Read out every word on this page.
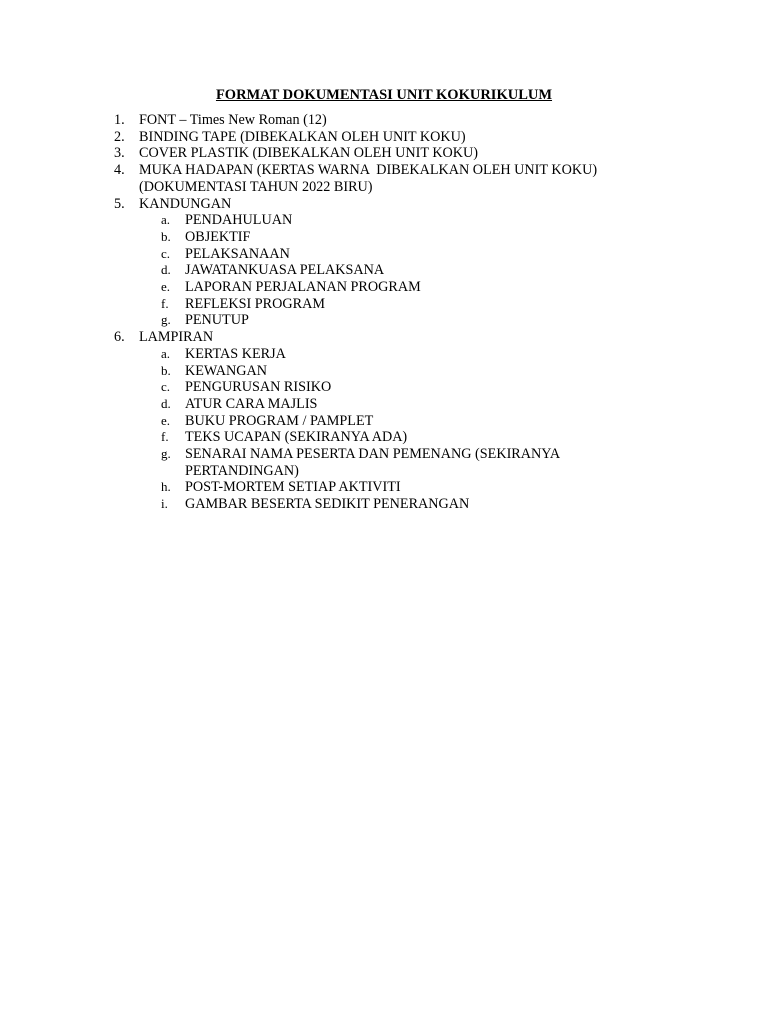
FORMAT DOKUMENTASI UNIT KOKURIKULUM
1. FONT – Times New Roman (12)
2. BINDING TAPE (DIBEKALKAN OLEH UNIT KOKU)
3. COVER PLASTIK (DIBEKALKAN OLEH UNIT KOKU)
4. MUKA HADAPAN (KERTAS WARNA  DIBEKALKAN OLEH UNIT KOKU)
(DOKUMENTASI TAHUN 2022 BIRU)
5. KANDUNGAN
a. PENDAHULUAN
b. OBJEKTIF
c. PELAKSANAAN
d. JAWATANKUASA PELAKSANA
e. LAPORAN PERJALANAN PROGRAM
f. REFLEKSI PROGRAM
g. PENUTUP
6. LAMPIRAN
a. KERTAS KERJA
b. KEWANGAN
c. PENGURUSAN RISIKO
d. ATUR CARA MAJLIS
e. BUKU PROGRAM / PAMPLET
f. TEKS UCAPAN (SEKIRANYA ADA)
g. SENARAI NAMA PESERTA DAN PEMENANG (SEKIRANYA PERTANDINGAN)
h. POST-MORTEM SETIAP AKTIVITI
i. GAMBAR BESERTA SEDIKIT PENERANGAN
